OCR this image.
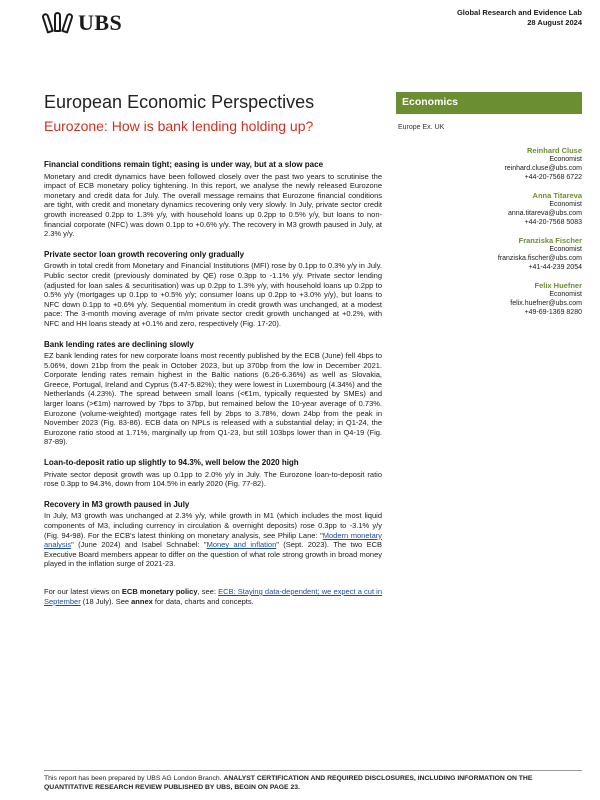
UBS	Global Research and Evidence Lab
28 August 2024
European Economic Perspectives
Eurozone: How is bank lending holding up?
Economics
Europe Ex. UK
Reinhard Cluse
Economist
reinhard.cluse@ubs.com
+44-20-7568 6722
Anna Titareva
Economist
anna.titareva@ubs.com
+44-20-7568 5083
Franziska Fischer
Economist
franziska.fischer@ubs.com
+41-44-239 2054
Felix Huefner
Economist
felix.huefner@ubs.com
+49-69-1369 8280
Financial conditions remain tight; easing is under way, but at a slow pace
Monetary and credit dynamics have been followed closely over the past two years to scrutinise the impact of ECB monetary policy tightening. In this report, we analyse the newly released Eurozone monetary and credit data for July. The overall message remains that Eurozone financial conditions are tight, with credit and monetary dynamics recovering only very slowly. In July, private sector credit growth increased 0.2pp to 1.3% y/y, with household loans up 0.2pp to 0.5% y/y, but loans to non-financial corporate (NFC) was down 0.1pp to +0.6% y/y. The recovery in M3 growth paused in July, at 2.3% y/y.
Private sector loan growth recovering only gradually
Growth in total credit from Monetary and Financial Institutions (MFI) rose by 0.1pp to 0.3% y/y in July. Public sector credit (previously dominated by QE) rose 0.3pp to -1.1% y/y. Private sector lending (adjusted for loan sales & securitisation) was up 0.2pp to 1.3% y/y, with household loans up 0.2pp to 0.5% y/y (mortgages up 0.1pp to +0.5% y/y; consumer loans up 0.2pp to +3.0% y/y), but loans to NFC down 0.1pp to +0.6% y/y. Sequential momentum in credit growth was unchanged, at a modest pace: The 3-month moving average of m/m private sector credit growth unchanged at +0.2%, with NFC and HH loans steady at +0.1% and zero, respectively (Fig. 17-20).
Bank lending rates are declining slowly
EZ bank lending rates for new corporate loans most recently published by the ECB (June) fell 4bps to 5.06%, down 21bp from the peak in October 2023, but up 370bp from the low in December 2021. Corporate lending rates remain highest in the Baltic nations (6.26-6.36%) as well as Slovakia, Greece, Portugal, Ireland and Cyprus (5.47-5.82%); they were lowest in Luxembourg (4.34%) and the Netherlands (4.23%). The spread between small loans (<€1m, typically requested by SMEs) and larger loans (>€1m) narrowed by 7bps to 37bp, but remained below the 10-year average of 0.73%. Eurozone (volume-weighted) mortgage rates fell by 2bps to 3.78%, down 24bp from the peak in November 2023 (Fig. 83-86). ECB data on NPLs is released with a substantial delay; in Q1-24, the Eurozone ratio stood at 1.71%, marginally up from Q1-23, but still 103bps lower than in Q4-19 (Fig. 87-89).
Loan-to-deposit ratio up slightly to 94.3%, well below the 2020 high
Private sector deposit growth was up 0.1pp to 2.0% y/y in July. The Eurozone loan-to-deposit ratio rose 0.3pp to 94.3%, down from 104.5% in early 2020 (Fig. 77-82).
Recovery in M3 growth paused in July
In July, M3 growth was unchanged at 2.3% y/y, while growth in M1 (which includes the most liquid components of M3, including currency in circulation & overnight deposits) rose 0.3pp to -3.1% y/y (Fig. 94-98). For the ECB's latest thinking on monetary analysis, see Philip Lane: "Modern monetary analysis" (June 2024) and Isabel Schnabel: "Money and inflation" (Sept. 2023). The two ECB Executive Board members appear to differ on the question of what role strong growth in broad money played in the inflation surge of 2021-23.
For our latest views on ECB monetary policy, see: ECB: Staying data-dependent; we expect a cut in September (18 July). See annex for data, charts and concepts.
This report has been prepared by UBS AG London Branch. ANALYST CERTIFICATION AND REQUIRED DISCLOSURES, INCLUDING INFORMATION ON THE QUANTITATIVE RESEARCH REVIEW PUBLISHED BY UBS, BEGIN ON PAGE 23.
